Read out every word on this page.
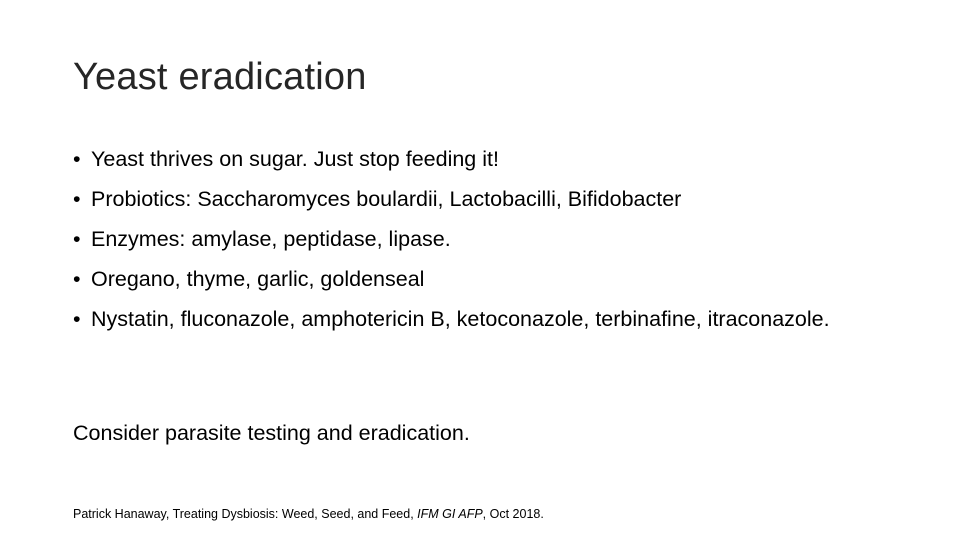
Yeast eradication
• Yeast thrives on sugar. Just stop feeding it!
• Probiotics: Saccharomyces boulardii, Lactobacilli, Bifidobacter
• Enzymes: amylase, peptidase, lipase.
• Oregano, thyme, garlic, goldenseal
• Nystatin, fluconazole, amphotericin B, ketoconazole, terbinafine, itraconazole.
Consider parasite testing and eradication.
Patrick Hanaway, Treating Dysbiosis: Weed, Seed, and Feed, IFM GI AFP, Oct 2018.
